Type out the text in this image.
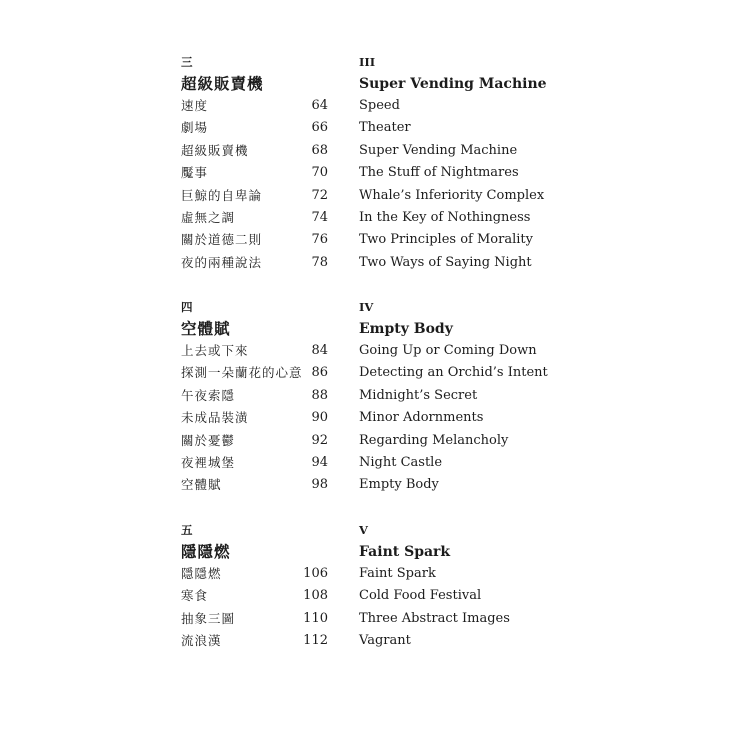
三	III
超級販賣機	Super Vending Machine
速度	64 Speed
劇場	66 Theater
超級販賣機	68 Super Vending Machine
魘事	70 The Stuff of Nightmares
巨鯨的自卑論	72 Whale’s Inferiority Complex
虛無之調	74 In the Key of Nothingness
關於道德二則	76 Two Principles of Morality
夜的兩種說法	78 Two Ways of Saying Night
四	IV
空體賦	Empty Body
上去或下來	84 Going Up or Coming Down
探測一朵蘭花的心意 86 Detecting an Orchid’s Intent
午夜索隱	88 Midnight’s Secret
未成品裝潢	90 Minor Adornments
關於憂鬱	92 Regarding Melancholy
夜裡城堡	94 Night Castle
空體賦	98 Empty Body
五	V
隱隱燃	Faint Spark
隱隱燃	106 Faint Spark
寒食	108 Cold Food Festival
抽象三圖	110 Three Abstract Images
流浪漢	112 Vagrant
